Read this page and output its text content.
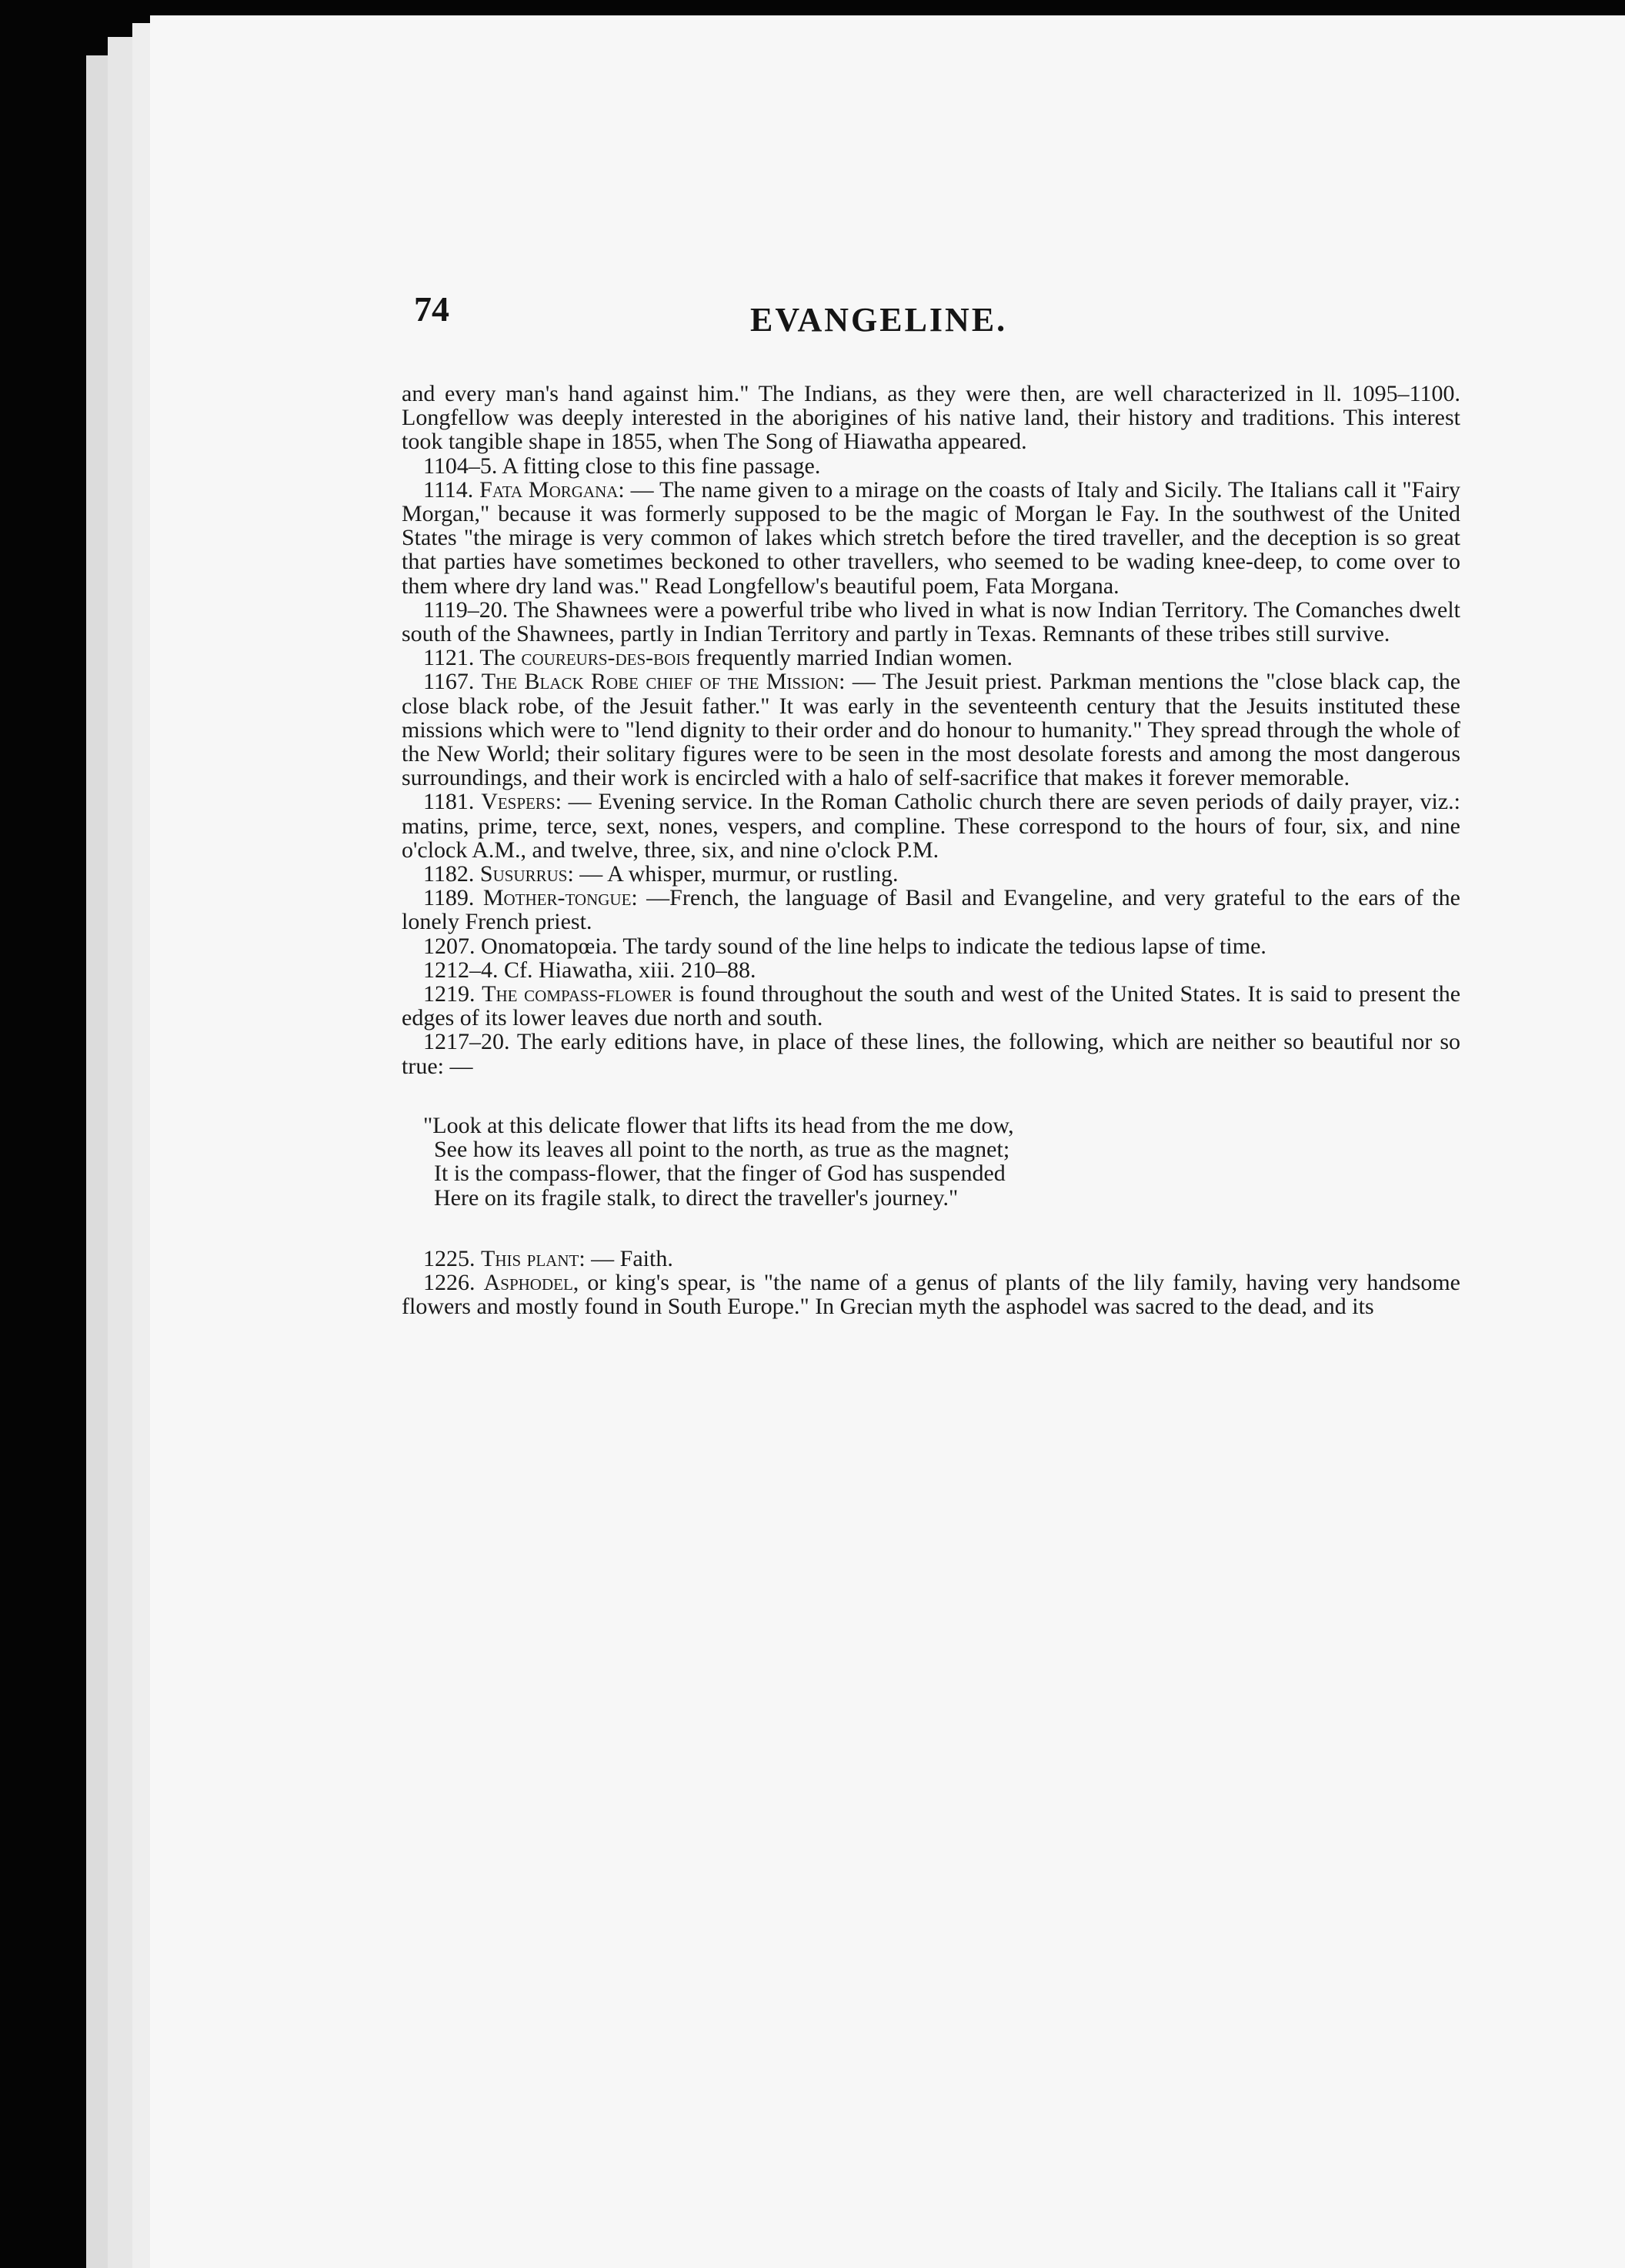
74	EVANGELINE.

and every man's hand against him." The Indians, as they were then, are well characterized in ll. 1095–1100. Longfellow was deeply interested in the aborigines of his native land, their history and traditions. This interest took tangible shape in 1855, when The Song of Hiawatha appeared.

1104–5. A fitting close to this fine passage.

1114. Fata Morgana: — The name given to a mirage on the coasts of Italy and Sicily. The Italians call it "Fairy Morgan," because it was formerly supposed to be the magic of Morgan le Fay. In the southwest of the United States "the mirage is very common of lakes which stretch before the tired traveller, and the deception is so great that parties have sometimes beckoned to other travellers, who seemed to be wading knee-deep, to come over to them where dry land was." Read Longfellow's beautiful poem, Fata Morgana.

1119–20. The Shawnees were a powerful tribe who lived in what is now Indian Territory. The Comanches dwelt south of the Shawnees, partly in Indian Territory and partly in Texas. Remnants of these tribes still survive.

1121. The coureurs-des-bois frequently married Indian women.

1167. The Black Robe chief of the Mission: — The Jesuit priest. Parkman mentions the "close black cap, the close black robe, of the Jesuit father." It was early in the seventeenth century that the Jesuits instituted these missions which were to "lend dignity to their order and do honour to humanity." They spread through the whole of the New World; their solitary figures were to be seen in the most desolate forests and among the most dangerous surroundings, and their work is encircled with a halo of self-sacrifice that makes it forever memorable.

1181. Vespers: — Evening service. In the Roman Catholic church there are seven periods of daily prayer, viz.: matins, prime, terce, sext, nones, vespers, and compline. These correspond to the hours of four, six, and nine o'clock A.M., and twelve, three, six, and nine o'clock P.M.

1182. Susurrus: — A whisper, murmur, or rustling.

1189. Mother-tongue: —French, the language of Basil and Evangeline, and very grateful to the ears of the lonely French priest.

1207. Onomatopœia. The tardy sound of the line helps to indicate the tedious lapse of time.

1212–4. Cf. Hiawatha, xiii. 210–88.

1219. The compass-flower is found throughout the south and west of the United States. It is said to present the edges of its lower leaves due north and south.

1217–20. The early editions have, in place of these lines, the following, which are neither so beautiful nor so true: —

"Look at this delicate flower that lifts its head from the me dow,
See how its leaves all point to the north, as true as the magnet;
It is the compass-flower, that the finger of God has suspended
Here on its fragile stalk, to direct the traveller's journey."

1225. This plant: — Faith.

1226. Asphodel, or king's spear, is "the name of a genus of plants of the lily family, having very handsome flowers and mostly found in South Europe." In Grecian myth the asphodel was sacred to the dead, and its
